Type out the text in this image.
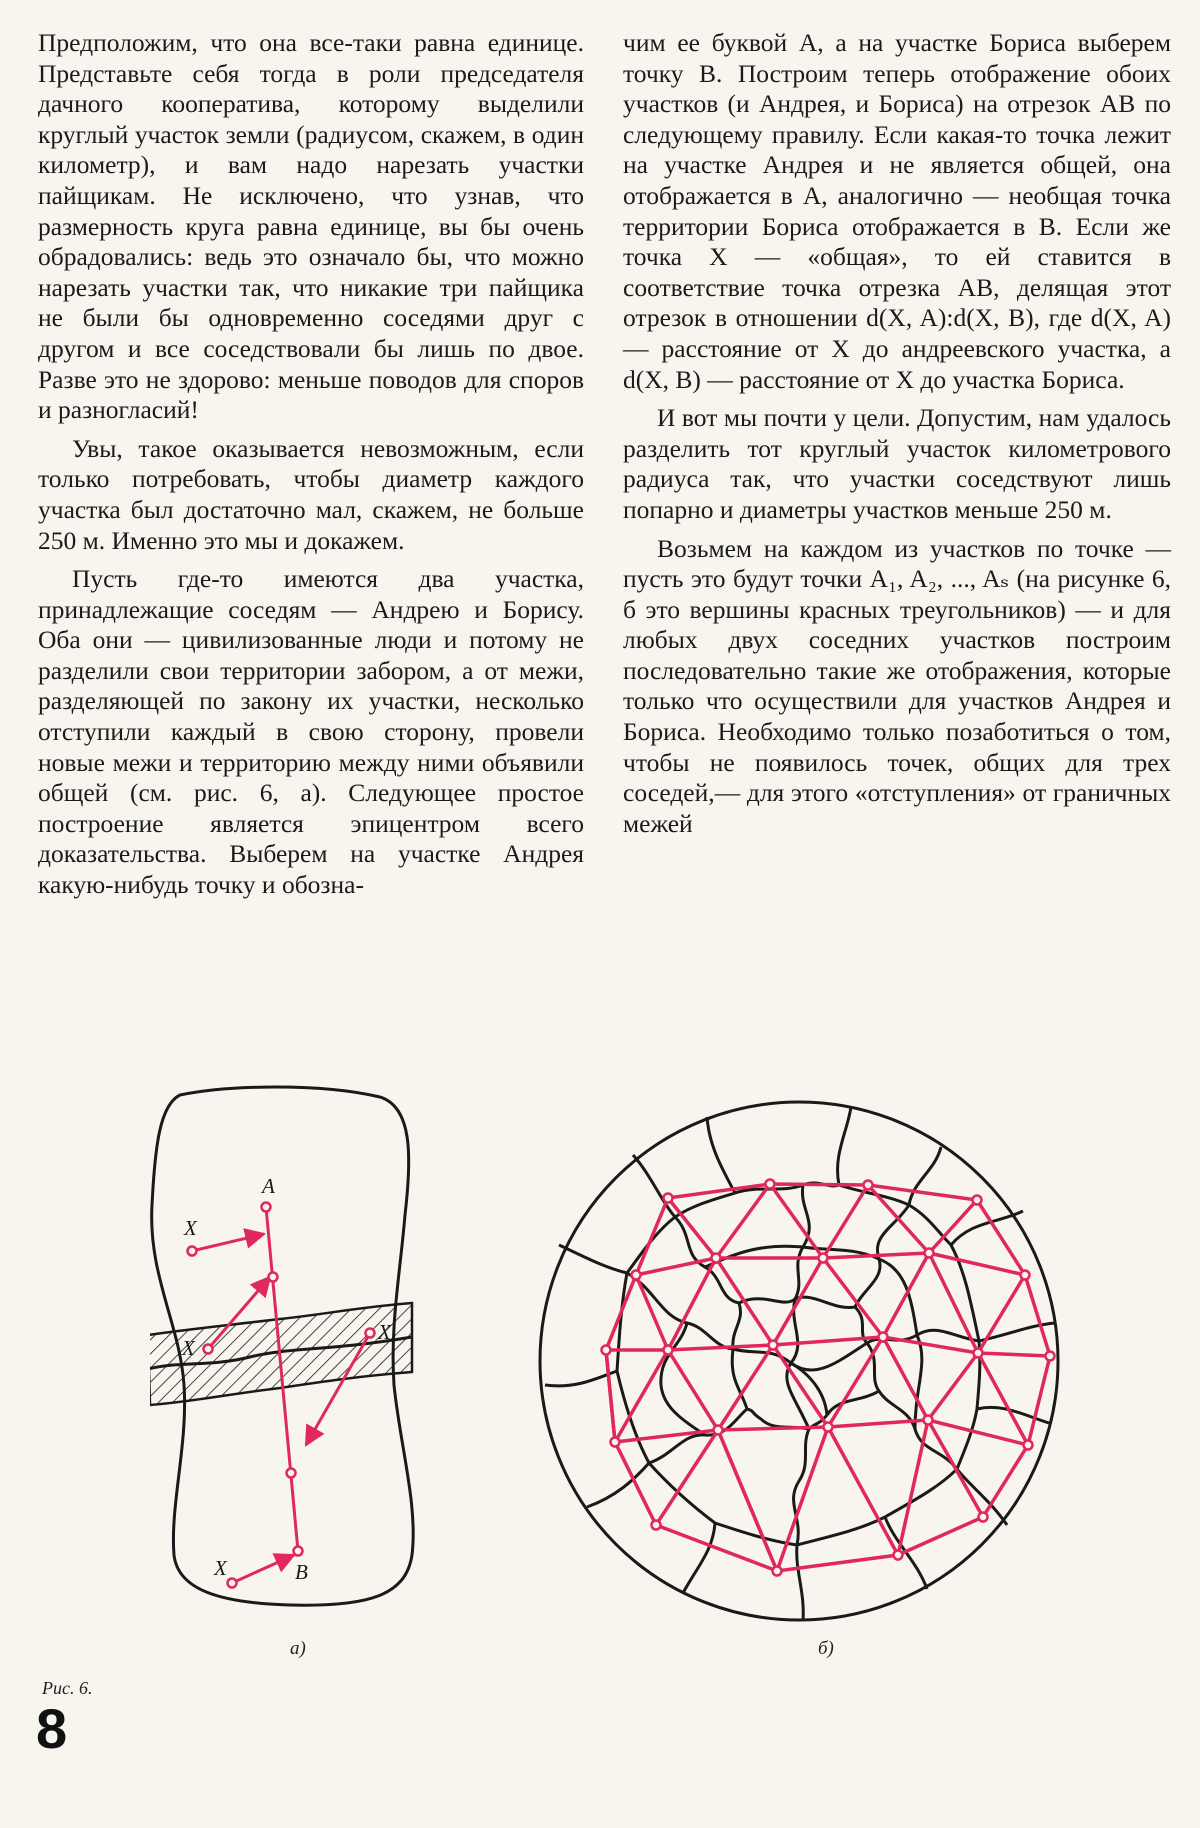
Предположим, что она все-таки равна единице. Представьте себя тогда в роли председателя дачного кооператива, которому выделили круглый участок земли (радиусом, скажем, в один километр), и вам надо нарезать участки пайщикам. Не исключено, что узнав, что размерность круга равна единице, вы бы очень обрадовались: ведь это означало бы, что можно нарезать участки так, что никакие три пайщика не были бы одновременно соседями друг с другом и все соседствовали бы лишь по двое. Разве это не здорово: меньше поводов для споров и разногласий!

Увы, такое оказывается невозможным, если только потребовать, чтобы диаметр каждого участка был достаточно мал, скажем, не больше 250 м. Именно это мы и докажем.

Пусть где-то имеются два участка, принадлежащие соседям — Андрею и Борису. Оба они — цивилизованные люди и потому не разделили свои территории забором, а от межи, разделяющей по закону их участки, несколько отступили каждый в свою сторону, провели новые межи и территорию между ними объявили общей (см. рис. 6, а). Следующее простое построение является эпицентром всего доказательства. Выберем на участке Андрея какую-нибудь точку и обозна-

чим ее буквой A, а на участке Бориса выберем точку B. Построим теперь отображение обоих участков (и Андрея, и Бориса) на отрезок AB по следующему правилу. Если какая-то точка лежит на участке Андрея и не является общей, она отображается в A, аналогично — необщая точка территории Бориса отображается в B. Если же точка X — «общая», то ей ставится в соответствие точка отрезка AB, делящая этот отрезок в отношении d(X, A):d(X, B), где d(X, A) — расстояние от X до андреевского участка, а d(X, B) — расстояние от X до участка Бориса.

И вот мы почти у цели. Допустим, нам удалось разделить тот круглый участок километрового радиуса так, что участки соседствуют лишь попарно и диаметры участков меньше 250 м.

Возьмем на каждом из участков по точке — пусть это будут точки A₁, A₂, ..., Aₛ (на рисунке 6, б это вершины красных треугольников) — и для любых двух соседних участков построим последовательно такие же отображения, которые только что осуществили для участков Андрея и Бориса. Необходимо только позаботиться о том, чтобы не появилось точек, общих для трех соседей,— для этого «отступления» от граничных межей

X
A
X
X
X	B
а)	б)
Рис. 6.
8
